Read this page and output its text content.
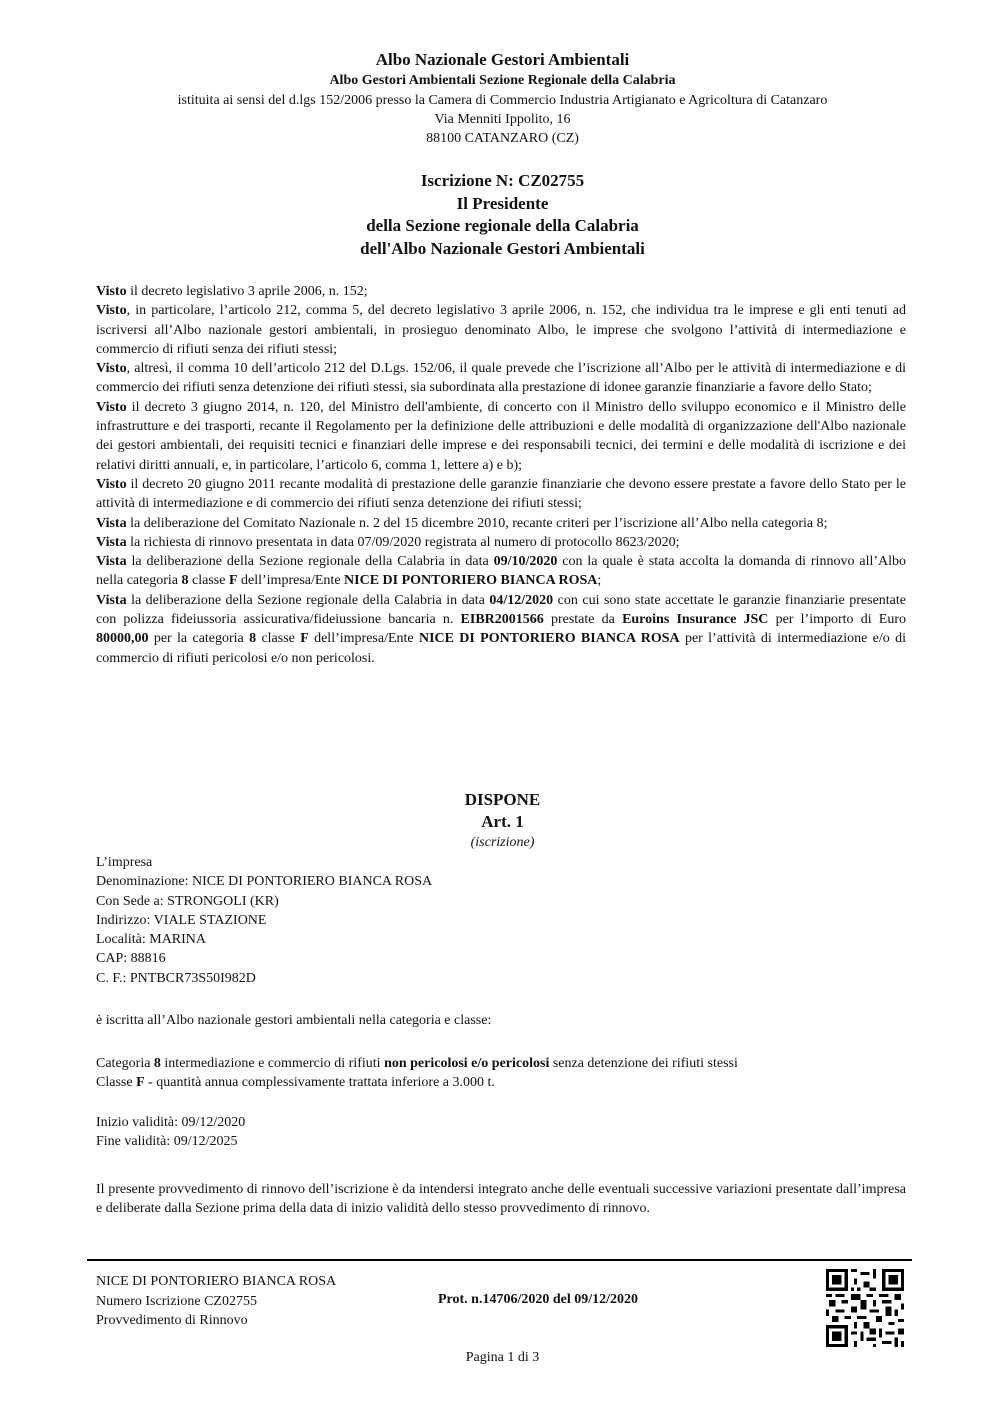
Albo Nazionale Gestori Ambientali
Albo Gestori Ambientali Sezione Regionale della Calabria
istituita ai sensi del d.lgs 152/2006 presso la Camera di Commercio Industria Artigianato e Agricoltura di Catanzaro
Via Menniti Ippolito, 16
88100 CATANZARO (CZ)
Iscrizione N: CZ02755
Il Presidente
della Sezione regionale della Calabria
dell'Albo Nazionale Gestori Ambientali

Visto il decreto legislativo 3 aprile 2006, n. 152;

Visto, in particolare, l’articolo 212, comma 5, del decreto legislativo 3 aprile 2006, n. 152, che individua tra le imprese e gli enti tenuti ad iscriversi all’Albo nazionale gestori ambientali, in prosieguo denominato Albo, le imprese che svolgono l’attività di intermediazione e commercio di rifiuti senza dei rifiuti stessi;

Visto, altresì, il comma 10 dell’articolo 212 del D.Lgs. 152/06, il quale prevede che l’iscrizione all’Albo per le attività di intermediazione e di commercio dei rifiuti senza detenzione dei rifiuti stessi, sia subordinata alla prestazione di idonee garanzie finanziarie a favore dello Stato;

Visto il decreto 3 giugno 2014, n. 120, del Ministro dell'ambiente, di concerto con il Ministro dello sviluppo economico e il Ministro delle infrastrutture e dei trasporti, recante il Regolamento per la definizione delle attribuzioni e delle modalità di organizzazione dell'Albo nazionale dei gestori ambientali, dei requisiti tecnici e finanziari delle imprese e dei responsabili tecnici, dei termini e delle modalità di iscrizione e dei relativi diritti annuali, e, in particolare, l’articolo 6, comma 1, lettere a) e b);

Visto il decreto 20 giugno 2011 recante modalità di prestazione delle garanzie finanziarie che devono essere prestate a favore dello Stato per le attività di intermediazione e di commercio dei rifiuti senza detenzione dei rifiuti stessi;

Vista la deliberazione del Comitato Nazionale n. 2 del 15 dicembre 2010, recante criteri per l’iscrizione all’Albo nella categoria 8;

Vista la richiesta di rinnovo presentata in data 07/09/2020 registrata al numero di protocollo 8623/2020;

Vista la deliberazione della Sezione regionale della Calabria in data 09/10/2020 con la quale è stata accolta la domanda di rinnovo all’Albo nella categoria 8 classe F dell’impresa/Ente NICE DI PONTORIERO BIANCA ROSA;

Vista la deliberazione della Sezione regionale della Calabria in data 04/12/2020 con cui sono state accettate le garanzie finanziarie presentate con polizza fideiussoria assicurativa/fideiussione bancaria n. EIBR2001566 prestate da Euroins Insurance JSC per l’importo di Euro 80000,00 per la categoria 8 classe F dell’impresa/Ente NICE DI PONTORIERO BIANCA ROSA per l’attività di intermediazione e/o di commercio di rifiuti pericolosi e/o non pericolosi.

DISPONE
Art. 1
(iscrizione)
L’impresa
Denominazione: NICE DI PONTORIERO BIANCA ROSA
Con Sede a: STRONGOLI (KR)
Indirizzo: VIALE STAZIONE
Località: MARINA
CAP: 88816
C. F.: PNTBCR73S50I982D
è iscritta all’Albo nazionale gestori ambientali nella categoria e classe:
Categoria 8 intermediazione e commercio di rifiuti non pericolosi e/o pericolosi senza detenzione dei rifiuti stessi
Classe F - quantità annua complessivamente trattata inferiore a 3.000 t.
Inizio validità: 09/12/2020
Fine validità: 09/12/2025
Il presente provvedimento di rinnovo dell’iscrizione è da intendersi integrato anche delle eventuali successive variazioni presentate dall’impresa e deliberate dalla Sezione prima della data di inizio validità dello stesso provvedimento di rinnovo.
NICE DI PONTORIERO BIANCA ROSA
Numero Iscrizione CZ02755
Provvedimento di Rinnovo
Prot. n.14706/2020 del 09/12/2020
Pagina 1 di 3
